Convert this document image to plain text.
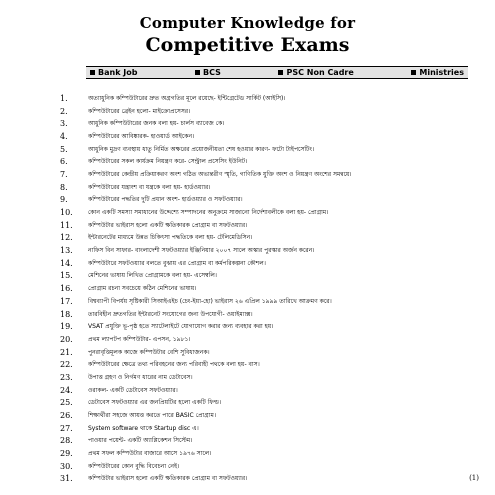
Computer Knowledge for
Competitive Exams
Bank Job	BCS	PSC Non Cadre	Ministries
1.	অত্যাধুনিক কম্পিউটারের দ্রুত অগ্রগতির মূলে রয়েছে- ইন্টিগ্রেটেড সার্কিট (আইসি)।
2.	কম্পিউটারের ব্রেইন হলো- মাইক্রোপ্রসেসর।
3.	আধুনিক কম্পিউটারের জনক বলা হয়- চার্লস ব্যাবেজ কে।
4.	কম্পিউটারের আবিষ্কারক- হাওয়ার্ড আইকেন।
5.	আধুনিক মুদ্রণ ব্যবস্থায় ধাতু নির্মিত অক্ষরের প্রয়োজনীয়তা শেষ হওয়ার কারণ- ফটো টাইপসেটিং।
6.	কম্পিউটারের সকল কার্যক্রম নিয়ন্ত্রণ করে- সেন্ট্রাল প্রসেসিং ইউনিট।
7.	কম্পিউটারের কেন্দ্রীয় প্রক্রিয়াকরণ অংশ গঠিত অভ্যন্তরীণ স্মৃতি, গাণিতিক যুক্তি অংশ ও নিয়ন্ত্রণ অংশের সমন্বয়ে।
8.	কম্পিউটারের যন্ত্রাংশ বা যন্ত্রকে বলা হয়- হার্ডওয়্যার।
9.	কম্পিউটারের পদ্ধতির দুটি প্রধান অংশ- হার্ডওয়্যার ও সফটওয়্যার।
10.	কোন একটি সমস্যা সমাধানের উদ্দেশ্যে সম্পাদনের অনুক্রমে সাজানো নির্দেশাবলীকে বলা হয়- প্রোগ্রাম।
11.	কম্পিউটার ভাইরাস হলো একটি ক্ষতিকারক প্রোগ্রাম বা সফটওয়্যার।
12.	ইন্টারনেটের মাধ্যমে উন্নত চিকিৎসা পদ্ধতিকে বলা হয়- টেলিমেডিসিন।
13.	নাফিস বিন সাফার- বাংলাদেশী সফটওয়্যার ইঞ্জিনিয়ার ২০০৭ সালে অস্কার পুরস্কার অর্জন করেন।
14.	কম্পিউটারে সফটওয়্যার বলতে বুঝায় এর প্রোগ্রাম বা কর্মপরিকল্পনা কৌশল।
15.	মেশিনের ভাষায় লিখিত প্রোগ্রামকে বলা হয়- এসেম্বলি।
16.	প্রোগ্রাম রচনা সবচেয়ে কঠিন মেশিনের ভাষায়।
17.	বিশ্বব্যাপী বিপর্যয় সৃষ্টিকারী সিআইএইচ (চেং-ইয়া-হো) ভাইরাস ২৬ এপ্রিল ১৯৯৯ তারিখে আক্রমণ করে।
18.	তারবিহীন দ্রুতগতির ইন্টারনেট সংযোগের জন্য উপযোগী- ওয়াইম্যাক্স।
19.	VSAT প্রযুক্তি ভূ-পৃষ্ঠ হতে স্যাটেলাইটে যোগাযোগ করার জন্য ব্যবহার করা হয়।
20.	প্রথম ল্যাপটপ কম্পিউটার- এপসন, ১৯৮১।
21.	পুনরাবৃত্তিমূলক কাজে কম্পিউটার বেশি সুবিধাজনক।
22.	কম্পিউটারের ক্ষেত্রে তথ্য পরিবহনের জন্য পরিবাহী পথকে বলা হয়- বাস।
23.	উপাত্ত গ্রহণ ও নির্গমণ ধারের নাম ডেটাবেস।
24.	ওরাকল- একটি ডেটাবেস সফটওয়্যার।
25.	ডেটাবেস সফটওয়্যার এর জনপ্রিয়টির হলো একটি ফিল্ড।
26.	শিক্ষার্থীরা সহজে আয়ত্ত করতে পারে BASIC প্রোগ্রাম।
27.	System software থাকে Startup disc এ।
28.	পাওয়ার পয়েন্ট- একটি অ্যাপ্লিকেশন সিস্টেম।
29.	প্রথম সফল কম্পিউটার বাজারে আসে ১৯৭৬ সালে।
30.	কম্পিউটারের কোন বুদ্ধি বিবেচনা নেই।
31.	কম্পিউটার ভাইরাস হলো একটি ক্ষতিকারক প্রোগ্রাম বা সফটওয়্যার।	(1)
